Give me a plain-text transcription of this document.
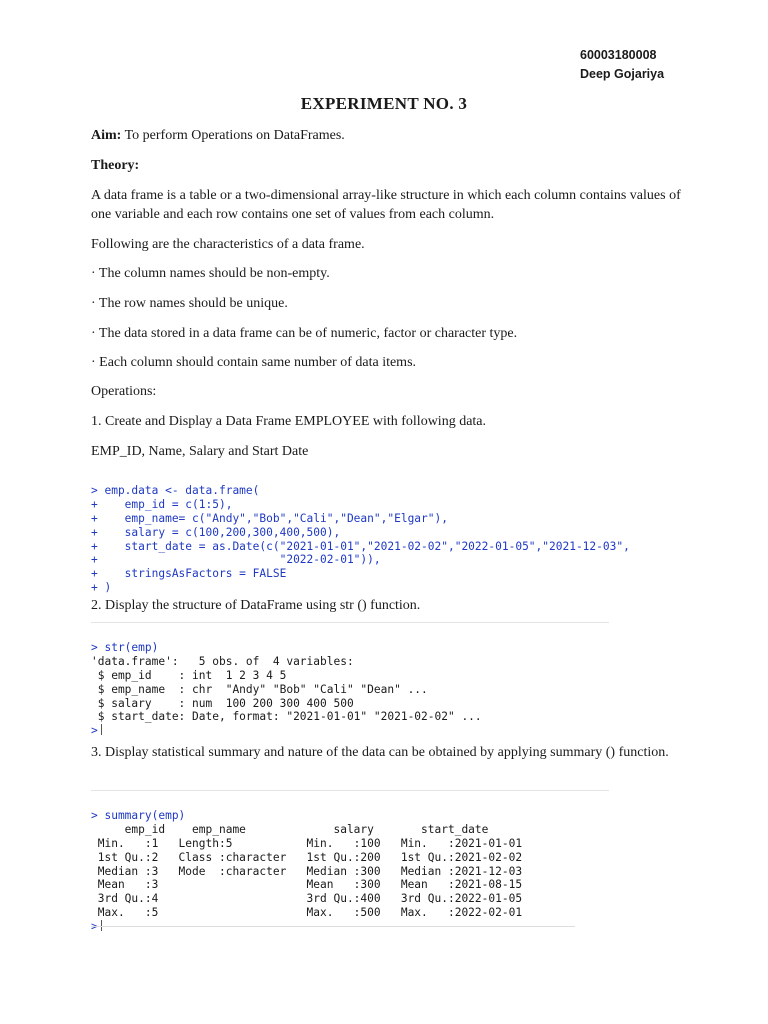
60003180008
Deep Gojariya
EXPERIMENT NO. 3

Aim: To perform Operations on DataFrames.

Theory:

A data frame is a table or a two-dimensional array-like structure in which each column contains values of one variable and each row contains one set of values from each column.

Following are the characteristics of a data frame.

· The column names should be non-empty.

· The row names should be unique.

· The data stored in a data frame can be of numeric, factor or character type.

· Each column should contain same number of data items.

Operations:

1. Create and Display a Data Frame EMPLOYEE with following data.

EMP_ID, Name, Salary and Start Date

> emp.data <- data.frame(
+    emp_id = c(1:5),
+    emp_name= c("Andy","Bob","Cali","Dean","Elgar"),
+    salary = c(100,200,300,400,500),
+    start_date = as.Date(c("2021-01-01","2021-02-02","2022-01-05","2021-12-03",
+                           "2022-02-01")),
+    stringsAsFactors = FALSE
+ )

2. Display the structure of DataFrame using str () function.

> str(emp)
'data.frame':   5 obs. of  4 variables:
$ emp_id    : int  1 2 3 4 5
$ emp_name  : chr  "Andy" "Bob" "Cali" "Dean" ...
$ salary    : num  100 200 300 400 500
$ start_date: Date, format: "2021-01-01" "2021-02-02" ...
>

3. Display statistical summary and nature of the data can be obtained by applying summary () function.

> summary(emp)
emp_id    emp_name             salary       start_date
Min.   :1   Length:5           Min.   :100   Min.   :2021-01-01
1st Qu.:2   Class :character   1st Qu.:200   1st Qu.:2021-02-02
Median :3   Mode  :character   Median :300   Median :2021-12-03
Mean   :3                      Mean   :300   Mean   :2021-08-15
3rd Qu.:4                      3rd Qu.:400   3rd Qu.:2022-01-05
Max.   :5                      Max.   :500   Max.   :2022-02-01
